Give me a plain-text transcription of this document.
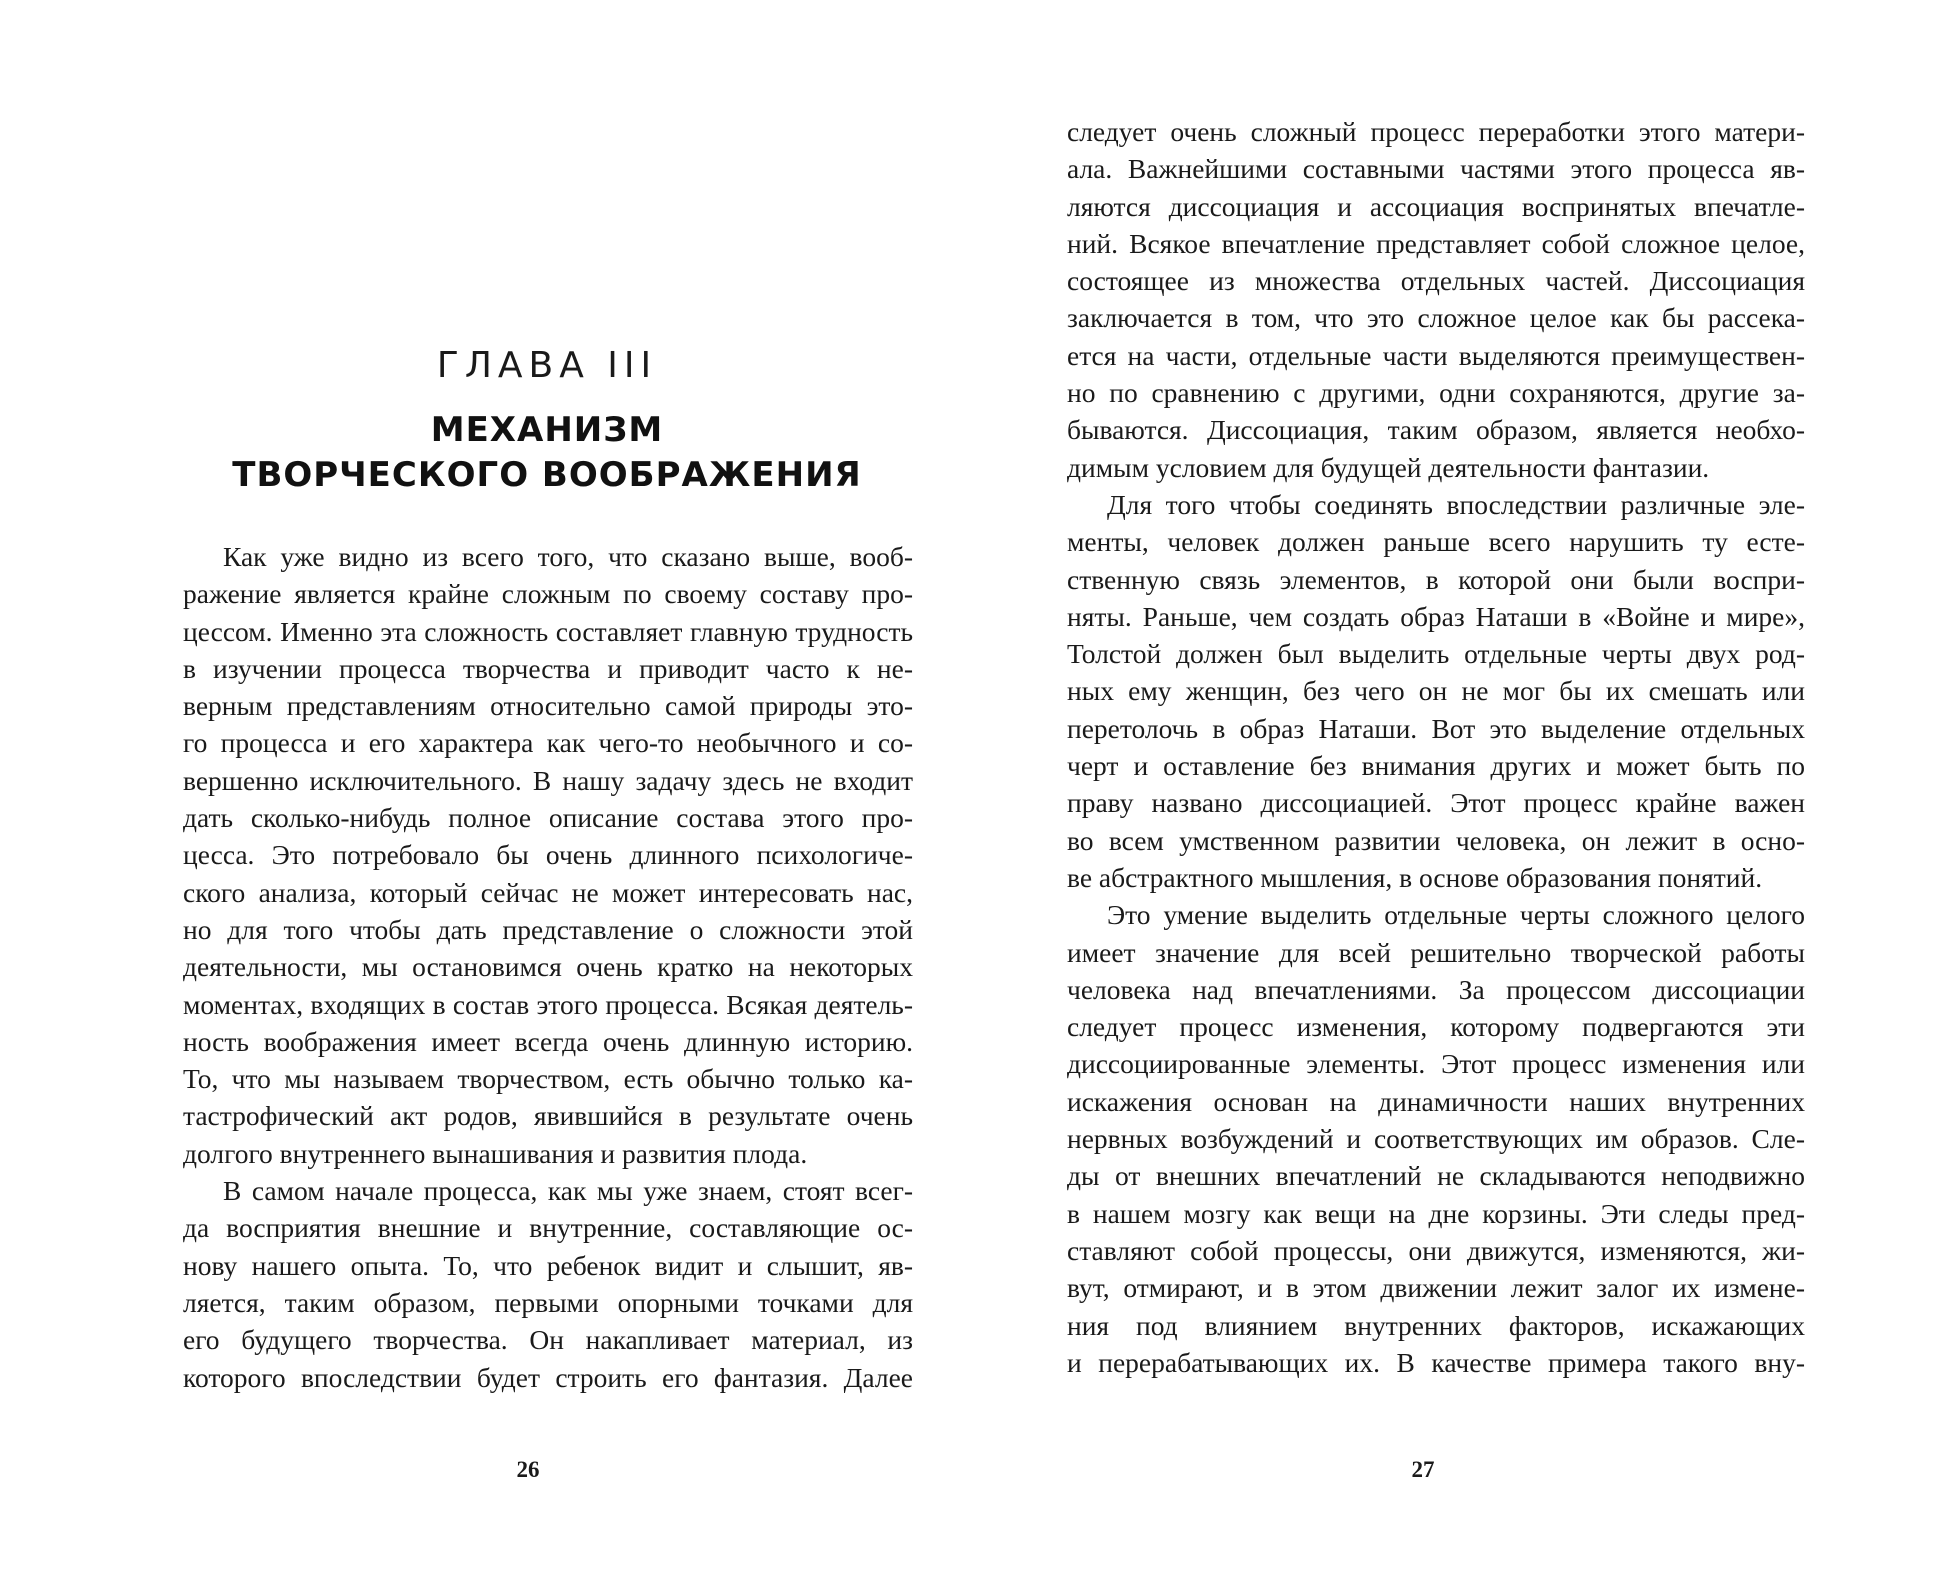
ГЛАВА III
МЕХАНИЗМ
ТВОРЧЕСКОГО ВООБРАЖЕНИЯ
Как уже видно из всего того, что сказано выше, вооб-
ражение является крайне сложным по своему составу про-
цессом. Именно эта сложность составляет главную трудность
в изучении процесса творчества и приводит часто к не-
верным представлениям относительно самой природы это-
го процесса и его характера как чего-то необычного и со-
вершенно исключительного. В нашу задачу здесь не входит
дать сколько-нибудь полное описание состава этого про-
цесса. Это потребовало бы очень длинного психологиче-
ского анализа, который сейчас не может интересовать нас,
но для того чтобы дать представление о сложности этой
деятельности, мы остановимся очень кратко на некоторых
моментах, входящих в состав этого процесса. Всякая деятель-
ность воображения имеет всегда очень длинную историю.
То, что мы называем творчеством, есть обычно только ка-
тастрофический акт родов, явившийся в результате очень
долгого внутреннего вынашивания и развития плода.
В самом начале процесса, как мы уже знаем, стоят всег-
да восприятия внешние и внутренние, составляющие ос-
нову нашего опыта. То, что ребенок видит и слышит, яв-
ляется, таким образом, первыми опорными точками для
его будущего творчества. Он накапливает материал, из
которого впоследствии будет строить его фантазия. Далее
26
следует очень сложный процесс переработки этого матери-
ала. Важнейшими составными частями этого процесса яв-
ляются диссоциация и ассоциация воспринятых впечатле-
ний. Всякое впечатление представляет собой сложное целое,
состоящее из множества отдельных частей. Диссоциация
заключается в том, что это сложное целое как бы рассека-
ется на части, отдельные части выделяются преимуществен-
но по сравнению с другими, одни сохраняются, другие за-
бываются. Диссоциация, таким образом, является необхо-
димым условием для будущей деятельности фантазии.
Для того чтобы соединять впоследствии различные эле-
менты, человек должен раньше всего нарушить ту есте-
ственную связь элементов, в которой они были воспри-
няты. Раньше, чем создать образ Наташи в «Войне и мире»,
Толстой должен был выделить отдельные черты двух род-
ных ему женщин, без чего он не мог бы их смешать или
перетолочь в образ Наташи. Вот это выделение отдельных
черт и оставление без внимания других и может быть по
праву названо диссоциацией. Этот процесс крайне важен
во всем умственном развитии человека, он лежит в осно-
ве абстрактного мышления, в основе образования понятий.
Это умение выделить отдельные черты сложного целого
имеет значение для всей решительно творческой работы
человека над впечатлениями. За процессом диссоциации
следует процесс изменения, которому подвергаются эти
диссоциированные элементы. Этот процесс изменения или
искажения основан на динамичности наших внутренних
нервных возбуждений и соответствующих им образов. Сле-
ды от внешних впечатлений не складываются неподвижно
в нашем мозгу как вещи на дне корзины. Эти следы пред-
ставляют собой процессы, они движутся, изменяются, жи-
вут, отмирают, и в этом движении лежит залог их измене-
ния под влиянием внутренних факторов, искажающих
и перерабатывающих их. В качестве примера такого вну-
27
